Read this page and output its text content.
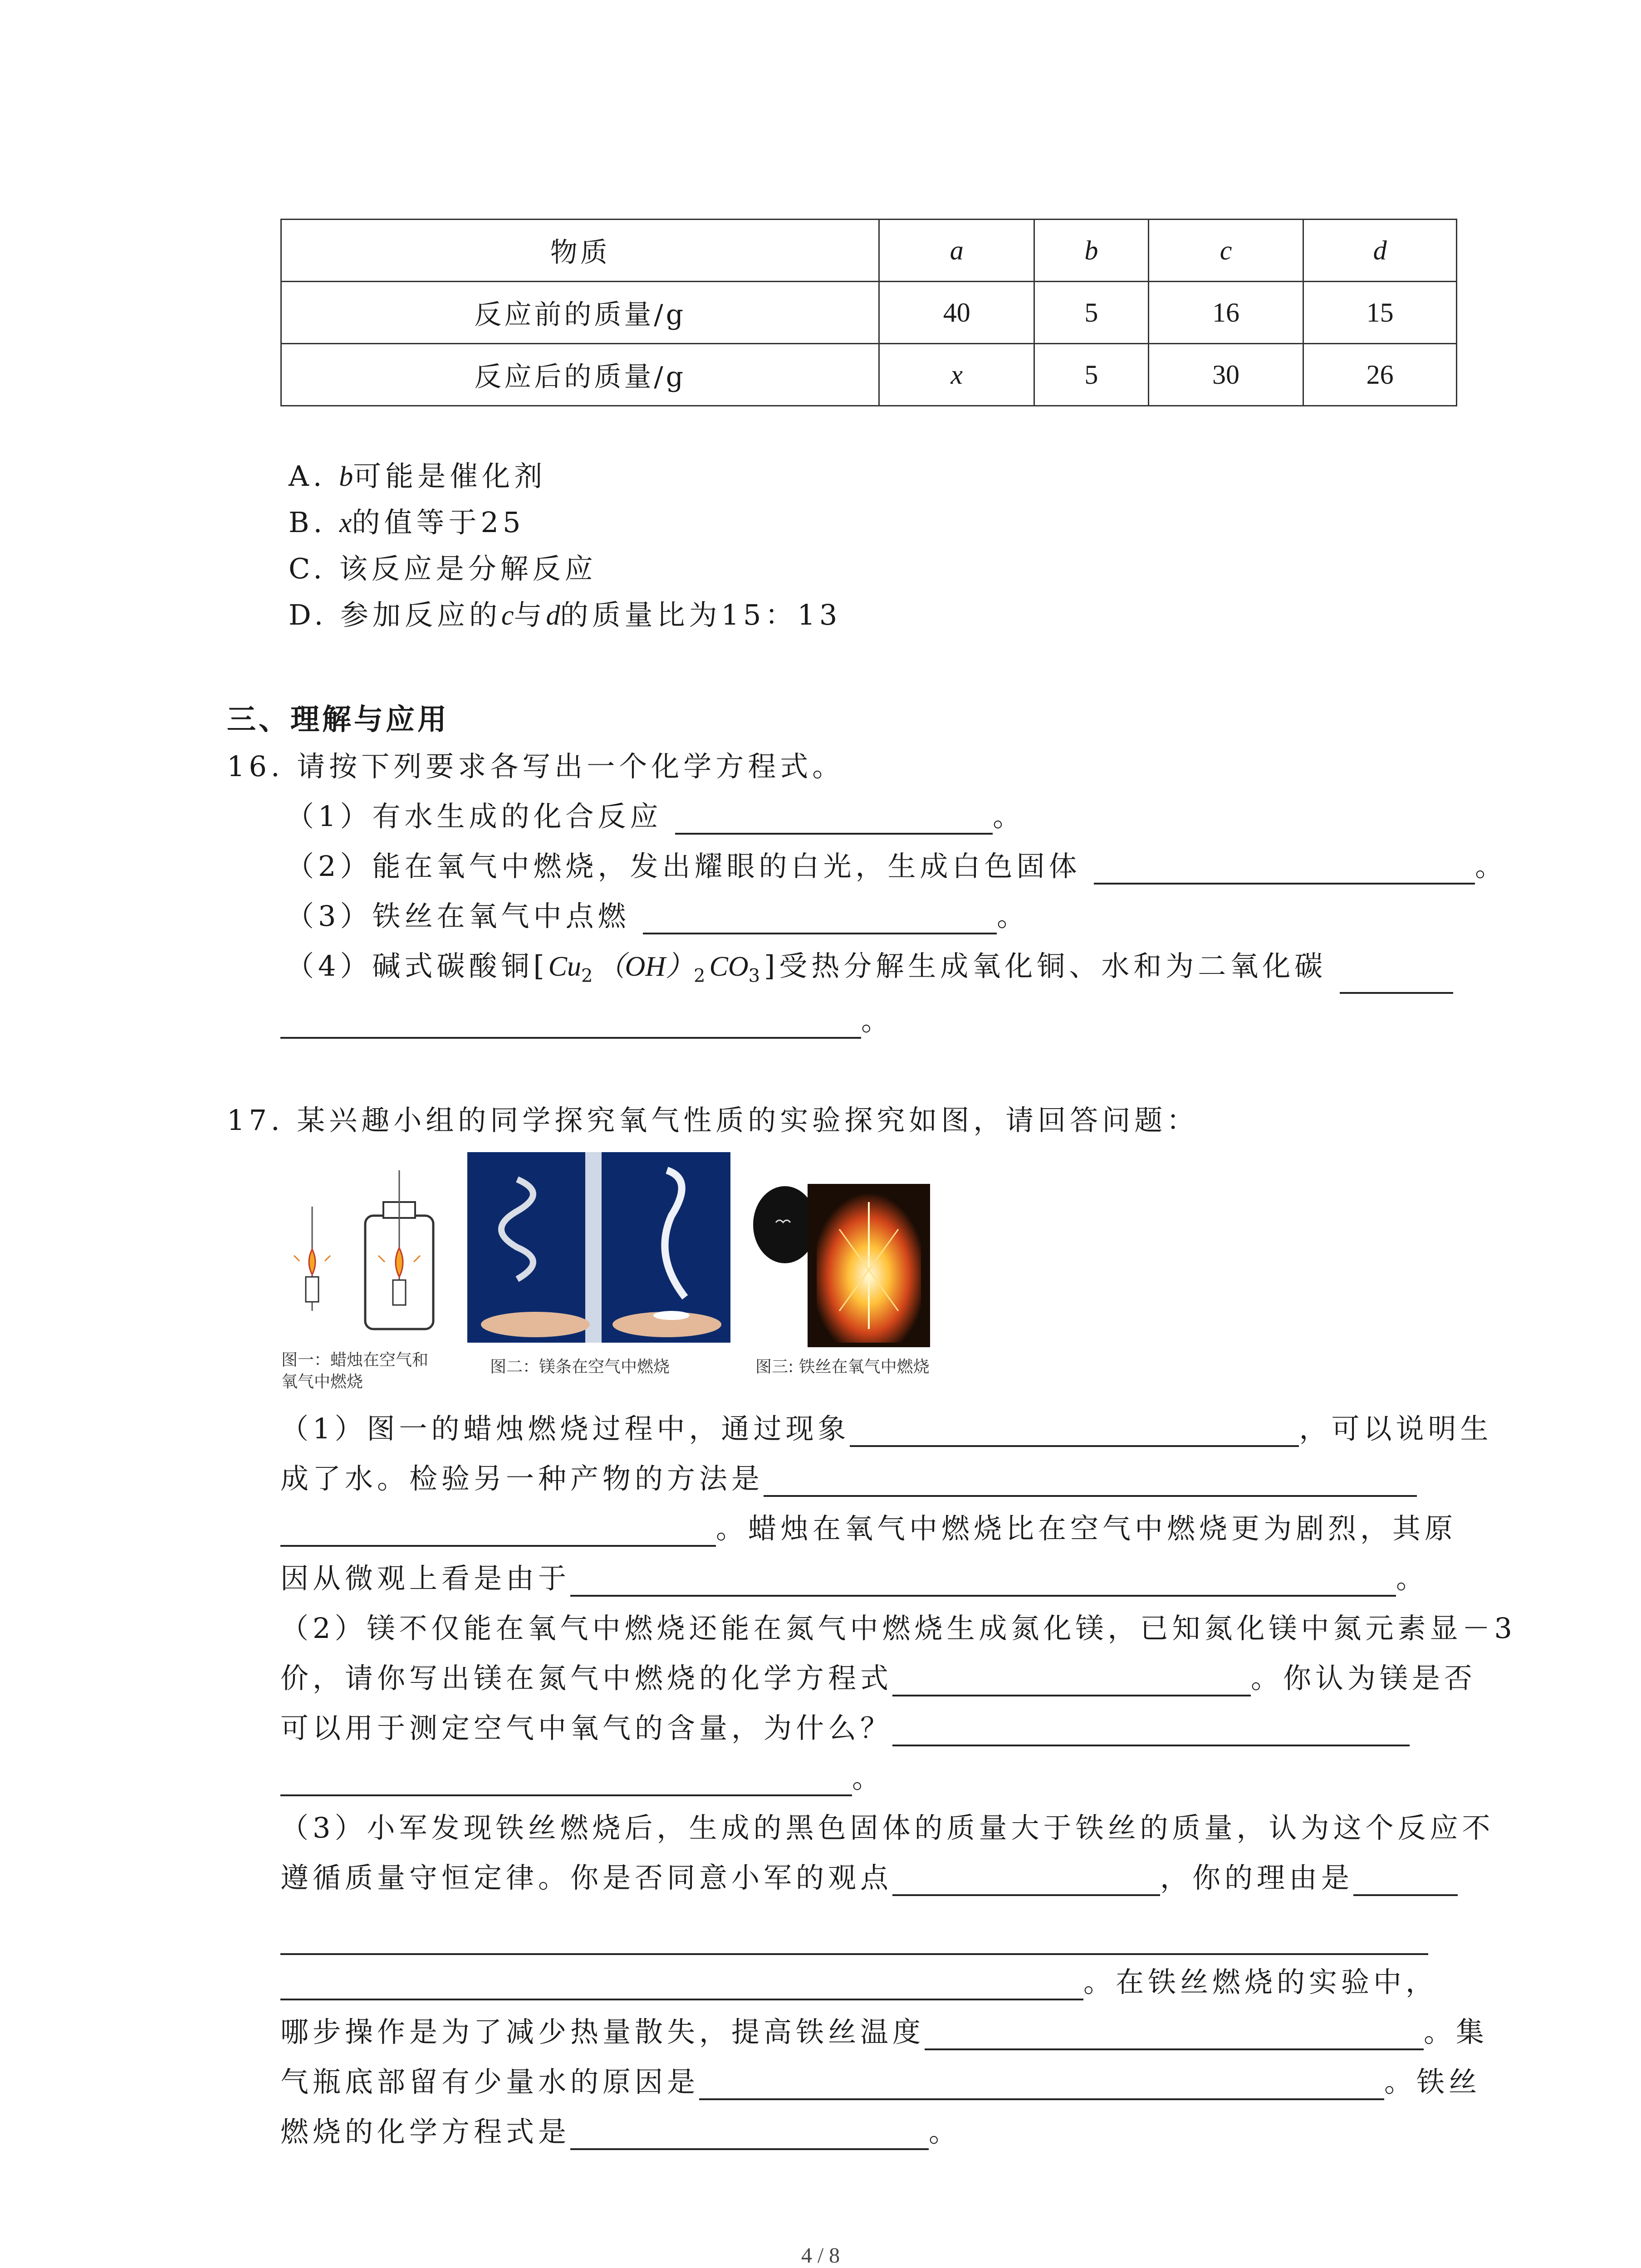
物质	a	b	c	d
反应前的质量/g	40	5	16	15
反应后的质量/g	x	5	30	26
A. b可能是催化剂
B. x的值等于25
C. 该反应是分解反应
D. 参加反应的c与d的质量比为15：13
三、理解与应用
16. 请按下列要求各写出一个化学方程式。
（1）有水生成的化合反应	。
（2）能在氧气中燃烧，发出耀眼的白光，生成白色固体	。
（3）铁丝在氧气中点燃	。
（4）碱式碳酸铜$[Cu_2(OH)_2CO_3]$受热分解生成氧化铜、水和为二氧化碳
。
17. 某兴趣小组的同学探究氧气性质的实验探究如图，请回答问题：
图一：蜡烛在空气和
氧气中燃烧
图二：镁条在空气中燃烧	图三: 铁丝在氧气中燃烧
（1）图一的蜡烛燃烧过程中，通过现象	，可以说明生
成了水。检验另一种产物的方法是
。蜡烛在氧气中燃烧比在空气中燃烧更为剧烈，其原
因从微观上看是由于	。
（2）镁不仅能在氧气中燃烧还能在氮气中燃烧生成氮化镁，已知氮化镁中氮元素显－3
价，请你写出镁在氮气中燃烧的化学方程式	。你认为镁是否
可以用于测定空气中氧气的含量，为什么？
。
（3）小军发现铁丝燃烧后，生成的黑色固体的质量大于铁丝的质量，认为这个反应不
遵循质量守恒定律。你是否同意小军的观点	，你的理由是
。在铁丝燃烧的实验中，
哪步操作是为了减少热量散失，提高铁丝温度	。集
气瓶底部留有少量水的原因是	。铁丝
燃烧的化学方程式是	。
4 / 8
